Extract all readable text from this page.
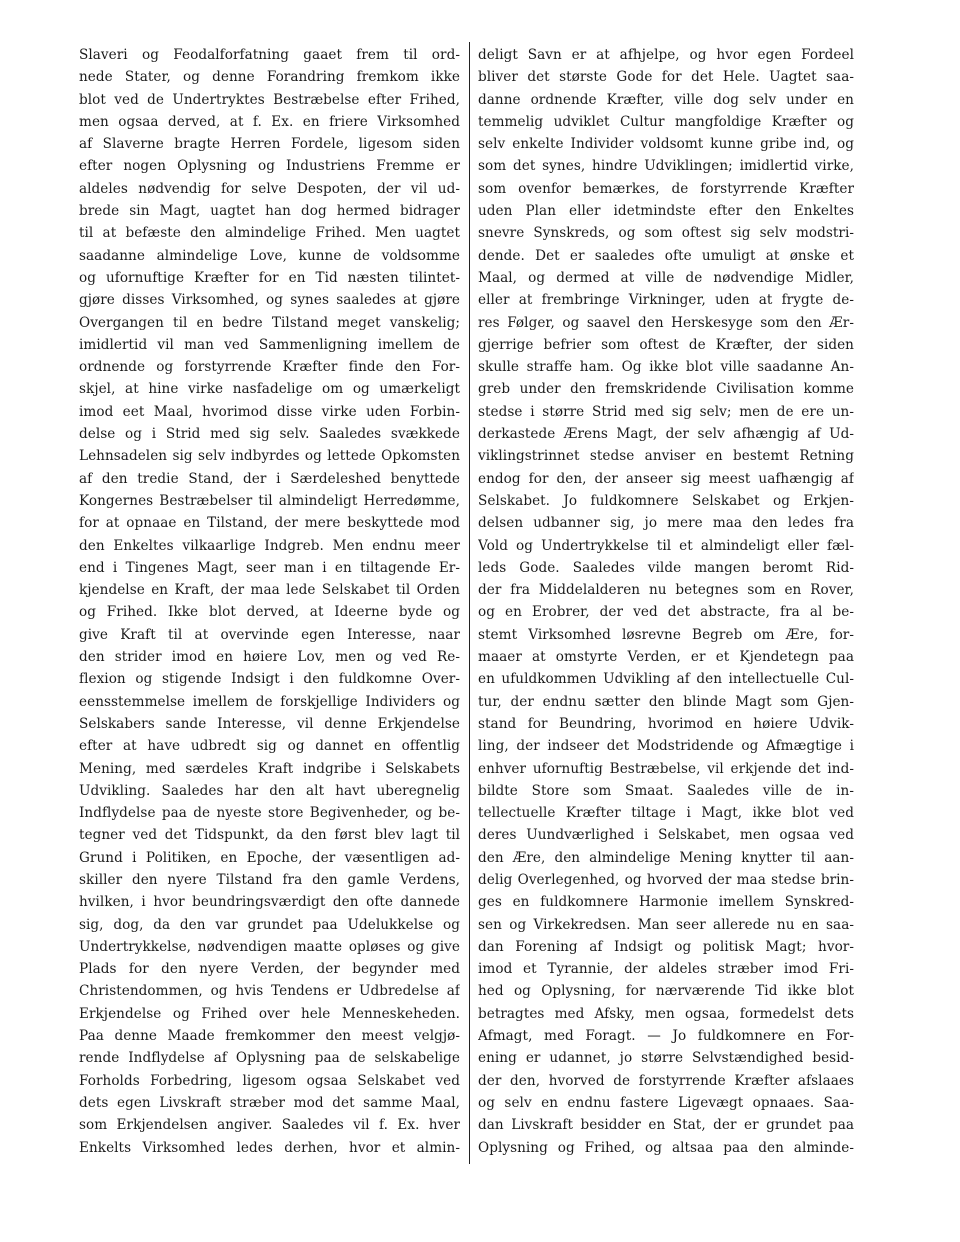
Slaveri og Feodalforfatning gaaet frem til ord-
nede Stater, og denne Forandring fremkom ikke
blot ved de Undertryktes Bestræbelse efter Frihed,
men ogsaa derved, at f. Ex. en friere Virksomhed
af Slaverne bragte Herren Fordele, ligesom siden
efter nogen Oplysning og Industriens Fremme er
aldeles nødvendig for selve Despoten, der vil ud-
brede sin Magt, uagtet han dog hermed bidrager
til at befæste den almindelige Frihed. Men uagtet
saadanne almindelige Love, kunne de voldsomme
og ufornuftige Kræfter for en Tid næsten tilintet-
gjøre disses Virksomhed, og synes saaledes at gjøre
Overgangen til en bedre Tilstand meget vanskelig;
imidlertid vil man ved Sammenligning imellem de
ordnende og forstyrrende Kræfter finde den For-
skjel, at hine virke nasfadelige om og umærkeligt
imod eet Maal, hvorimod disse virke uden Forbin-
delse og i Strid med sig selv. Saaledes svækkede
Lehnsadelen sig selv indbyrdes og lettede Opkomsten
af den tredie Stand, der i Særdeleshed benyttede
Kongernes Bestræbelser til almindeligt Herredømme,
for at opnaae en Tilstand, der mere beskyttede mod
den Enkeltes vilkaarlige Indgreb. Men endnu meer
end i Tingenes Magt, seer man i en tiltagende Er-
kjendelse en Kraft, der maa lede Selskabet til Orden
og Frihed. Ikke blot derved, at Ideerne byde og
give Kraft til at overvinde egen Interesse, naar
den strider imod en høiere Lov, men og ved Re-
flexion og stigende Indsigt i den fuldkomne Over-
eensstemmelse imellem de forskjellige Individers og
Selskabers sande Interesse, vil denne Erkjendelse
efter at have udbredt sig og dannet en offentlig
Mening, med særdeles Kraft indgribe i Selskabets
Udvikling. Saaledes har den alt havt uberegnelig
Indflydelse paa de nyeste store Begivenheder, og be-
tegner ved det Tidspunkt, da den først blev lagt til
Grund i Politiken, en Epoche, der væsentligen ad-
skiller den nyere Tilstand fra den gamle Verdens,
hvilken, i hvor beundringsværdigt den ofte dannede
sig, dog, da den var grundet paa Udelukkelse og
Undertrykkelse, nødvendigen maatte opløses og give
Plads for den nyere Verden, der begynder med
Christendommen, og hvis Tendens er Udbredelse af
Erkjendelse og Frihed over hele Menneskeheden.
Paa denne Maade fremkommer den meest velgjø-
rende Indflydelse af Oplysning paa de selskabelige
Forholds Forbedring, ligesom ogsaa Selskabet ved
dets egen Livskraft stræber mod det samme Maal,
som Erkjendelsen angiver. Saaledes vil f. Ex. hver
Enkelts Virksomhed ledes derhen, hvor et almin-
deligt Savn er at afhjelpe, og hvor egen Fordeel
bliver det største Gode for det Hele. Uagtet saa-
danne ordnende Kræfter, ville dog selv under en
temmelig udviklet Cultur mangfoldige Kræfter og
selv enkelte Individer voldsomt kunne gribe ind, og
som det synes, hindre Udviklingen; imidlertid virke,
som ovenfor bemærkes, de forstyrrende Kræfter
uden Plan eller idetmindste efter den Enkeltes
snevre Synskreds, og som oftest sig selv modstri-
dende. Det er saaledes ofte umuligt at ønske et
Maal, og dermed at ville de nødvendige Midler,
eller at frembringe Virkninger, uden at frygte de-
res Følger, og saavel den Herskesyge som den Ær-
gjerrige befrier som oftest de Kræfter, der siden
skulle straffe ham. Og ikke blot ville saadanne An-
greb under den fremskridende Civilisation komme
stedse i større Strid med sig selv; men de ere un-
derkastede Ærens Magt, der selv afhængig af Ud-
viklingstrinnet stedse anviser en bestemt Retning
endog for den, der anseer sig meest uafhængig af
Selskabet. Jo fuldkomnere Selskabet og Erkjen-
delsen udbanner sig, jo mere maa den ledes fra
Vold og Undertrykkelse til et almindeligt eller fæl-
leds Gode. Saaledes vilde mangen beromt Rid-
der fra Middelalderen nu betegnes som en Rover,
og en Erobrer, der ved det abstracte, fra al be-
stemt Virksomhed løsrevne Begreb om Ære, for-
maaer at omstyrte Verden, er et Kjendetegn paa
en ufuldkommen Udvikling af den intellectuelle Cul-
tur, der endnu sætter den blinde Magt som Gjen-
stand for Beundring, hvorimod en høiere Udvik-
ling, der indseer det Modstridende og Afmægtige i
enhver ufornuftig Bestræbelse, vil erkjende det ind-
bildte Store som Smaat. Saaledes ville de in-
tellectuelle Kræfter tiltage i Magt, ikke blot ved
deres Uundværlighed i Selskabet, men ogsaa ved
den Ære, den almindelige Mening knytter til aan-
delig Overlegenhed, og hvorved der maa stedse brin-
ges en fuldkomnere Harmonie imellem Synskred-
sen og Virkekredsen. Man seer allerede nu en saa-
dan Forening af Indsigt og politisk Magt; hvor-
imod et Tyrannie, der aldeles stræber imod Fri-
hed og Oplysning, for nærværende Tid ikke blot
betragtes med Afsky, men ogsaa, formedelst dets
Afmagt, med Foragt. — Jo fuldkomnere en For-
ening er udannet, jo større Selvstændighed besid-
der den, hvorved de forstyrrende Kræfter afslaaes
og selv en endnu fastere Ligevægt opnaaes. Saa-
dan Livskraft besidder en Stat, der er grundet paa
Oplysning og Frihed, og altsaa paa den alminde-
